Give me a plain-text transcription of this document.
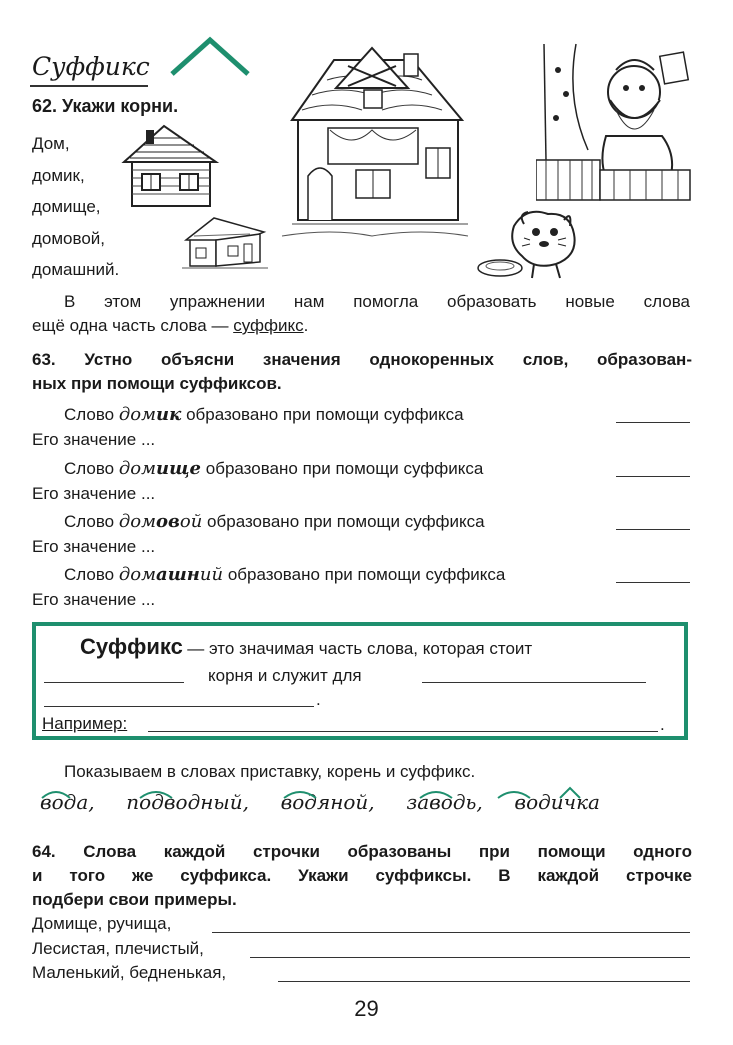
Суффикс
62. Укажи корни.
Дом,
домик,
домище,
домовой,
домашний.
В этом упражнении нам помогла образовать новые слова
ещё одна часть слова — суффикс.
63. Устно объясни значения однокоренных слов, образован-
ных при помощи суффиксов.
Слово домик образовано при помощи суффикса
Его значение ...
Слово домище образовано при помощи суффикса
Его значение ...
Слово домовой образовано при помощи суффикса
Его значение ...
Слово домашний образовано при помощи суффикса
Его значение ...
Суффикс — это значимая часть слова, которая стоит
корня и служит для
.
Например:	.
Показываем в словах приставку, корень и суффикс.
вода, подводный, водяной, заводь, водичка
64. Слова каждой строчки образованы при помощи одного
и того же суффикса. Укажи суффиксы. В каждой строчке
подбери свои примеры.
Домище, ручища,
Лесистая, плечистый,
Маленький, бедненькая,
29
